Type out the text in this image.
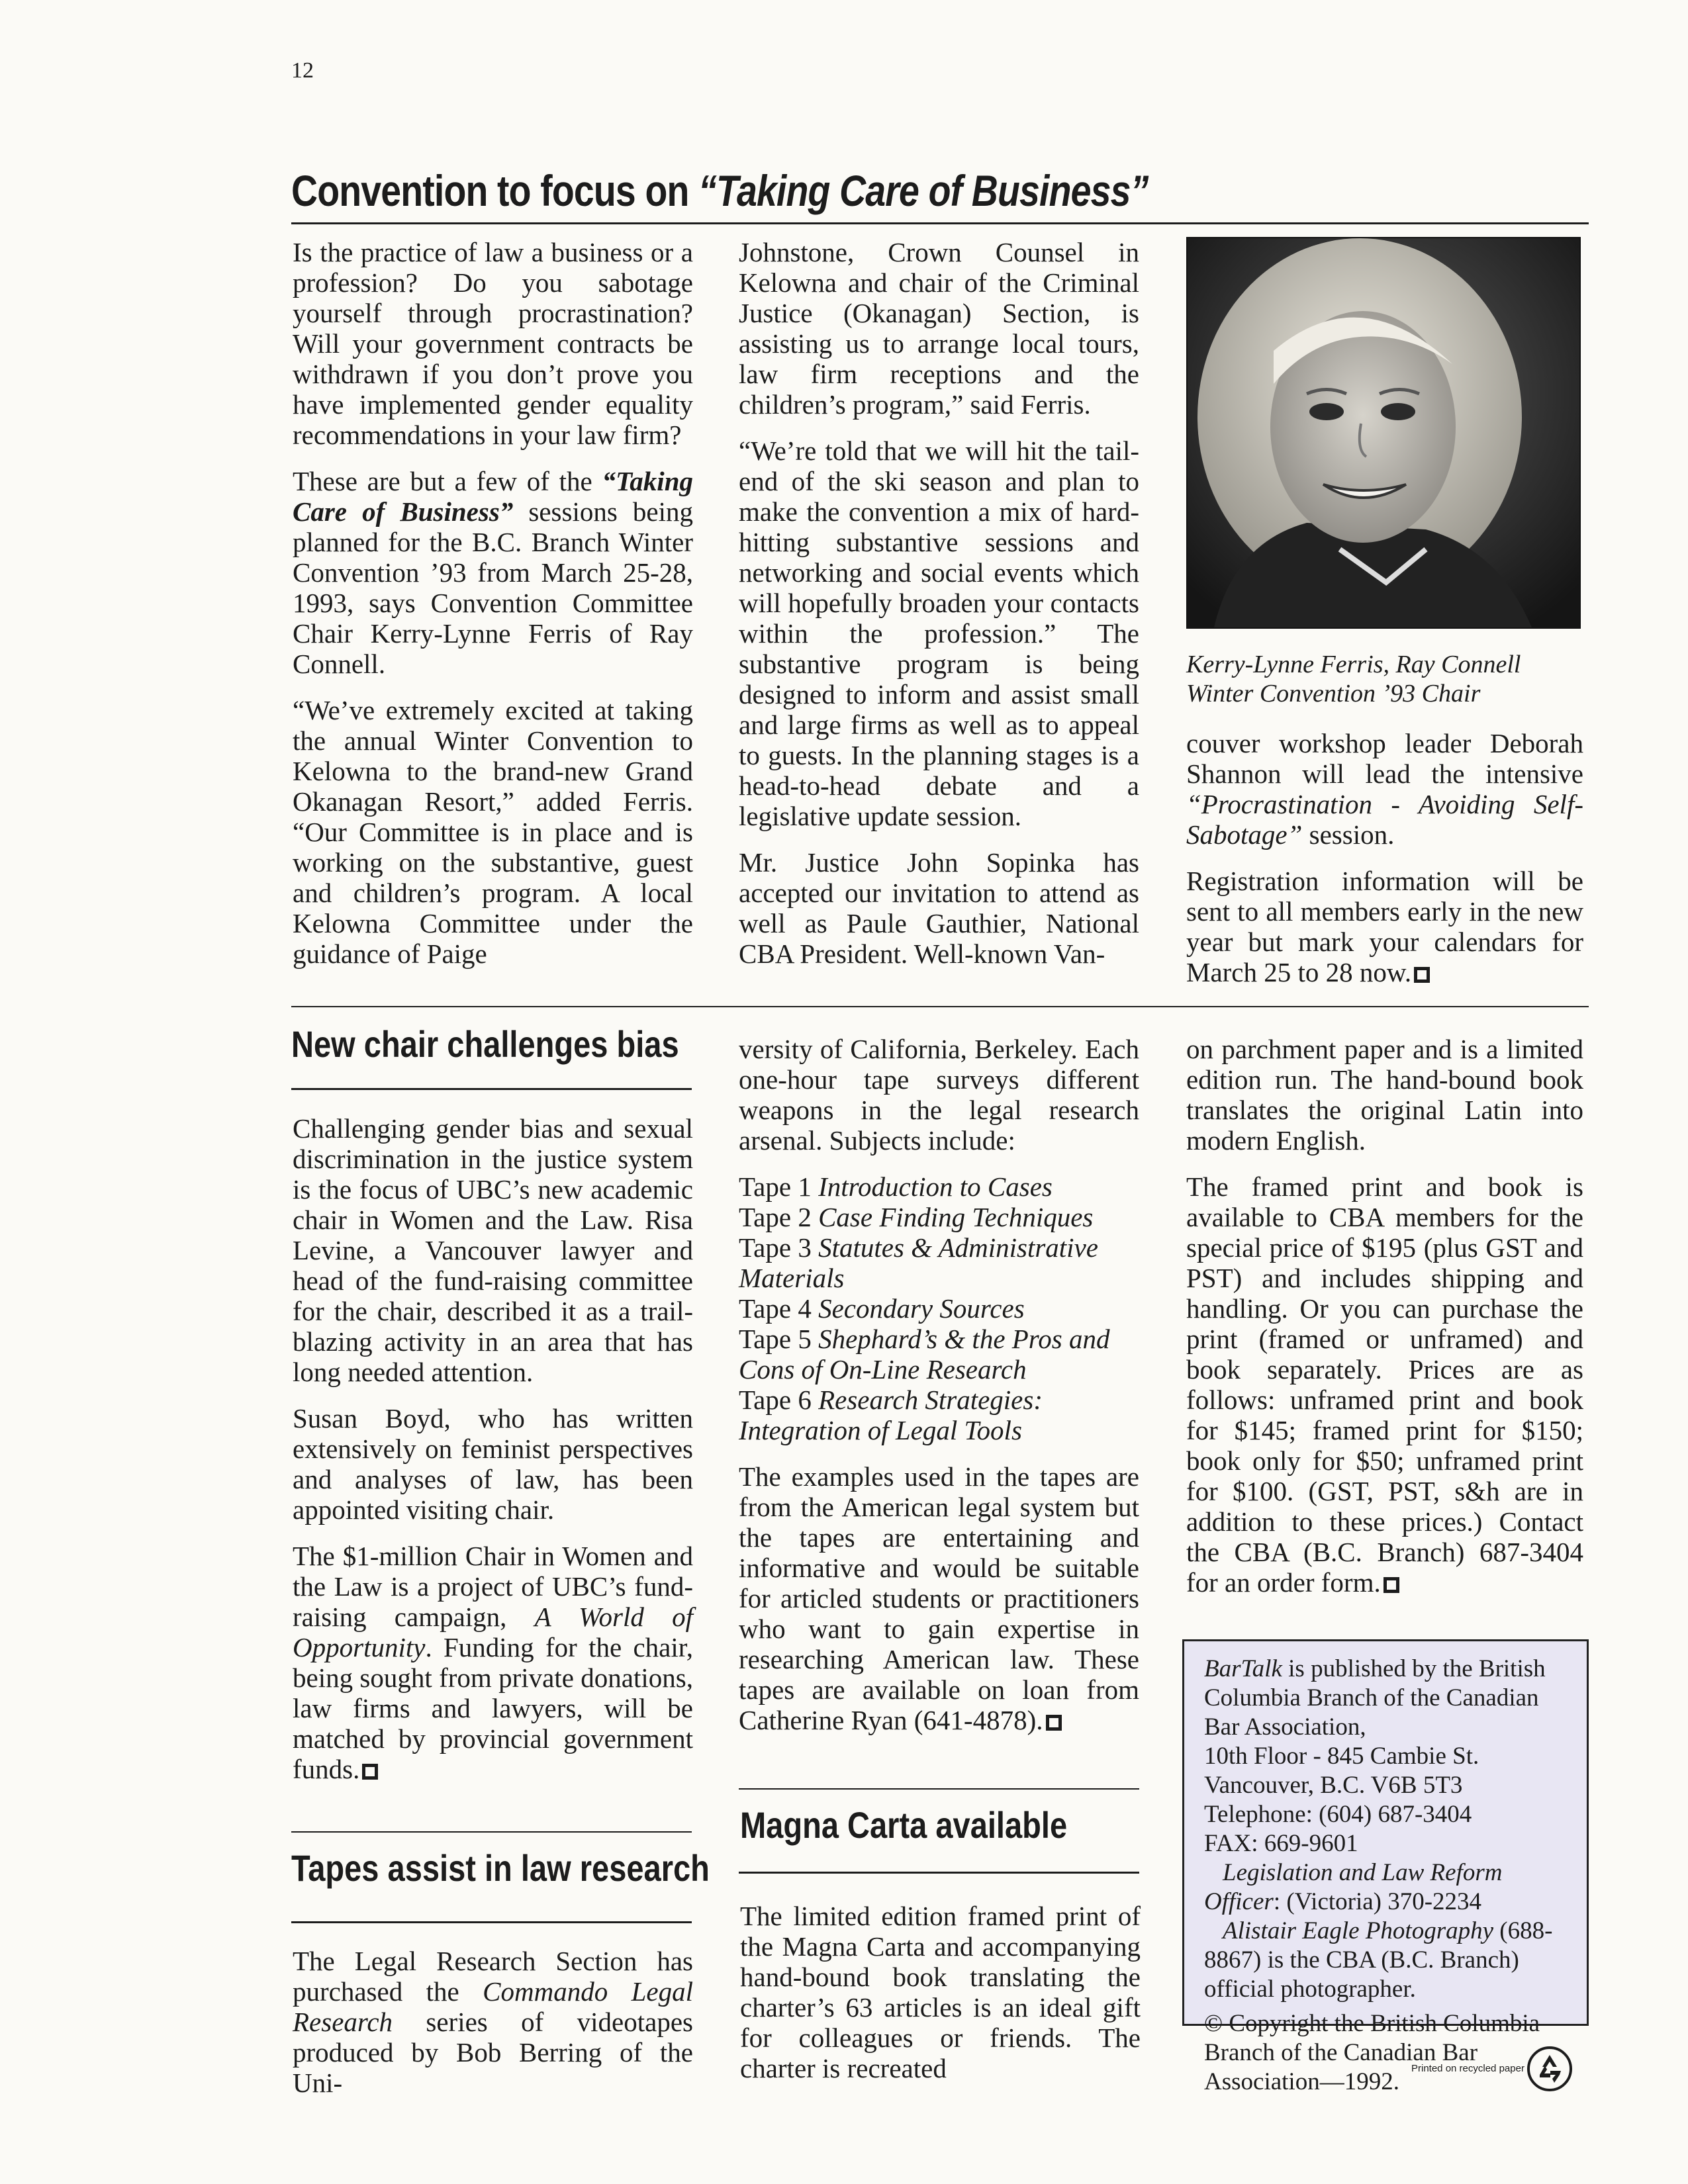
12
Convention to focus on “Taking Care of Business”

Is the practice of law a business or a profession? Do you sabotage yourself through procrastination? Will your government contracts be withdrawn if you don’t prove you have implemented gender equality recommendations in your law firm?

These are but a few of the “Taking Care of Business” sessions being planned for the B.C. Branch Winter Convention ’93 from March 25-28, 1993, says Convention Committee Chair Kerry-Lynne Ferris of Ray Connell.

“We’ve extremely excited at taking the annual Winter Convention to Kelowna to the brand-new Grand Okanagan Resort,” added Ferris. “Our Committee is in place and is working on the substantive, guest and children’s program. A local Kelowna Committee under the guidance of Paige

Johnstone, Crown Counsel in Kelowna and chair of the Criminal Justice (Okanagan) Section, is assisting us to arrange local tours, law firm receptions and the children’s program,” said Ferris.

“We’re told that we will hit the tail-end of the ski season and plan to make the convention a mix of hard-hitting substantive sessions and networking and social events which will hopefully broaden your contacts within the profession.” The substantive program is being designed to inform and assist small and large firms as well as to appeal to guests. In the planning stages is a head-to-head debate and a legislative update session.

Mr. Justice John Sopinka has accepted our invitation to attend as well as Paule Gauthier, National CBA President. Well-known Van-

Kerry-Lynne Ferris, Ray Connell Winter Convention ’93 Chair

couver workshop leader Deborah Shannon will lead the intensive “Procrastination - Avoiding Self-Sabotage” session.

Registration information will be sent to all members early in the new year but mark your calendars for March 25 to 28 now.

New chair challenges bias

Challenging gender bias and sexual discrimination in the justice system is the focus of UBC’s new academic chair in Women and the Law. Risa Levine, a Vancouver lawyer and head of the fund-raising committee for the chair, described it as a trail-blazing activity in an area that has long needed attention.

Susan Boyd, who has written extensively on feminist perspectives and analyses of law, has been appointed visiting chair.

The $1-million Chair in Women and the Law is a project of UBC’s fund-raising campaign, A World of Opportunity. Funding for the chair, being sought from private donations, law firms and lawyers, will be matched by provincial government funds.

Tapes assist in law research

The Legal Research Section has purchased the Commando Legal Research series of videotapes produced by Bob Berring of the Uni-

versity of California, Berkeley. Each one-hour tape surveys different weapons in the legal research arsenal. Subjects include:

Tape 1 Introduction to Cases
Tape 2 Case Finding Techniques
Tape 3 Statutes & Administrative Materials
Tape 4 Secondary Sources
Tape 5 Shephard’s & the Pros and Cons of On-Line Research
Tape 6 Research Strategies: Integration of Legal Tools

The examples used in the tapes are from the American legal system but the tapes are entertaining and informative and would be suitable for articled students or practitioners who want to gain expertise in researching American law. These tapes are available on loan from Catherine Ryan (641-4878).

Magna Carta available

The limited edition framed print of the Magna Carta and accompanying hand-bound book translating the charter’s 63 articles is an ideal gift for colleagues or friends. The charter is recreated

on parchment paper and is a limited edition run. The hand-bound book translates the original Latin into modern English.

The framed print and book is available to CBA members for the special price of $195 (plus GST and PST) and includes shipping and handling. Or you can purchase the print (framed or unframed) and book separately. Prices are as follows: unframed print and book for $145; framed print for $150; book only for $50; unframed print for $100. (GST, PST, s&h are in addition to these prices.) Contact the CBA (B.C. Branch) 687-3404 for an order form.

BarTalk is published by the British Columbia Branch of the Canadian Bar Association,

10th Floor - 845 Cambie St.

Vancouver, B.C. V6B 5T3

Telephone: (604) 687-3404

FAX: 669-9601

Legislation and Law Reform Officer: (Victoria) 370-2234

Alistair Eagle Photography (688-8867) is the CBA (B.C. Branch) official photographer.

© Copyright the British Columbia Branch of the Canadian Bar Association—1992.	Printed on recycled paper
